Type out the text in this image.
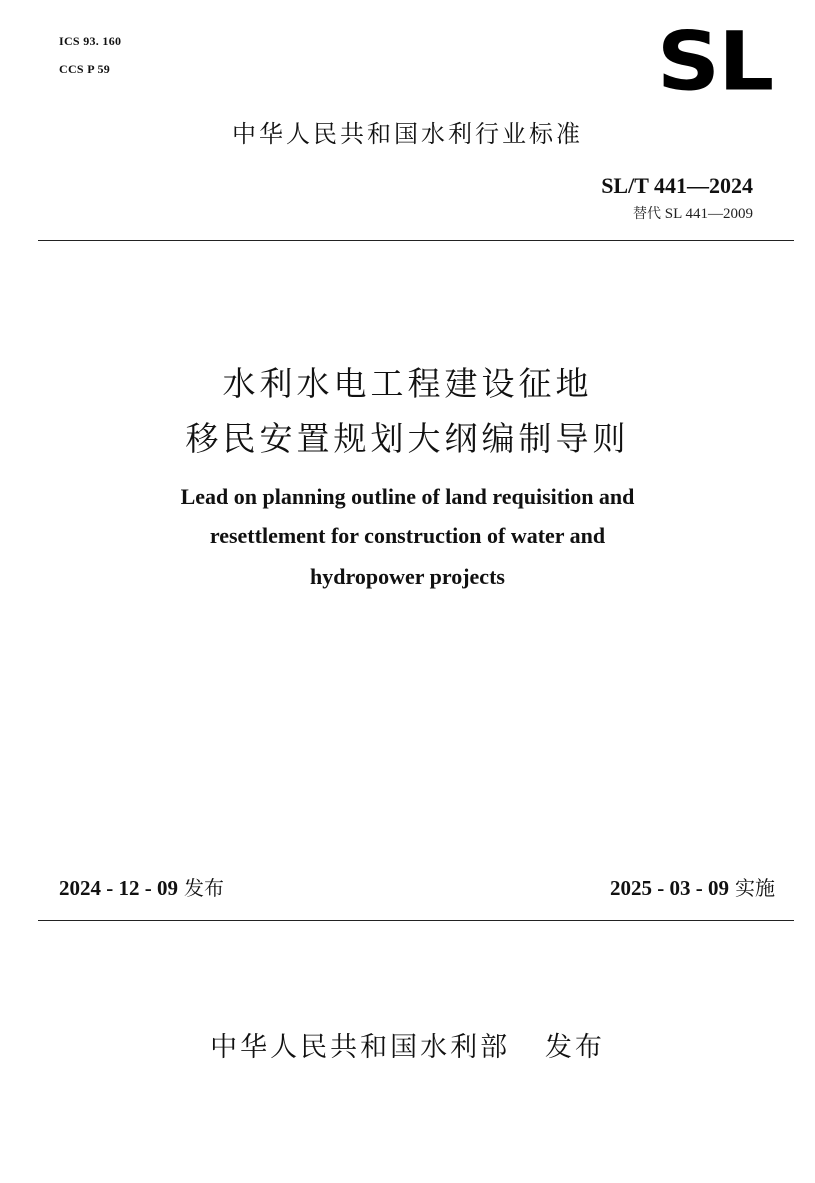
ICS 93. 160
CCS P 59	SL
中华人民共和国水利行业标准
SL/T 441—2024
替代 SL 441—2009
水利水电工程建设征地
移民安置规划大纲编制导则
Lead on planning outline of land requisition and
resettlement for construction of water and
hydropower projects
2024 - 12 - 09 发布	2025 - 03 - 09 实施
中华人民共和国水利部 发布
